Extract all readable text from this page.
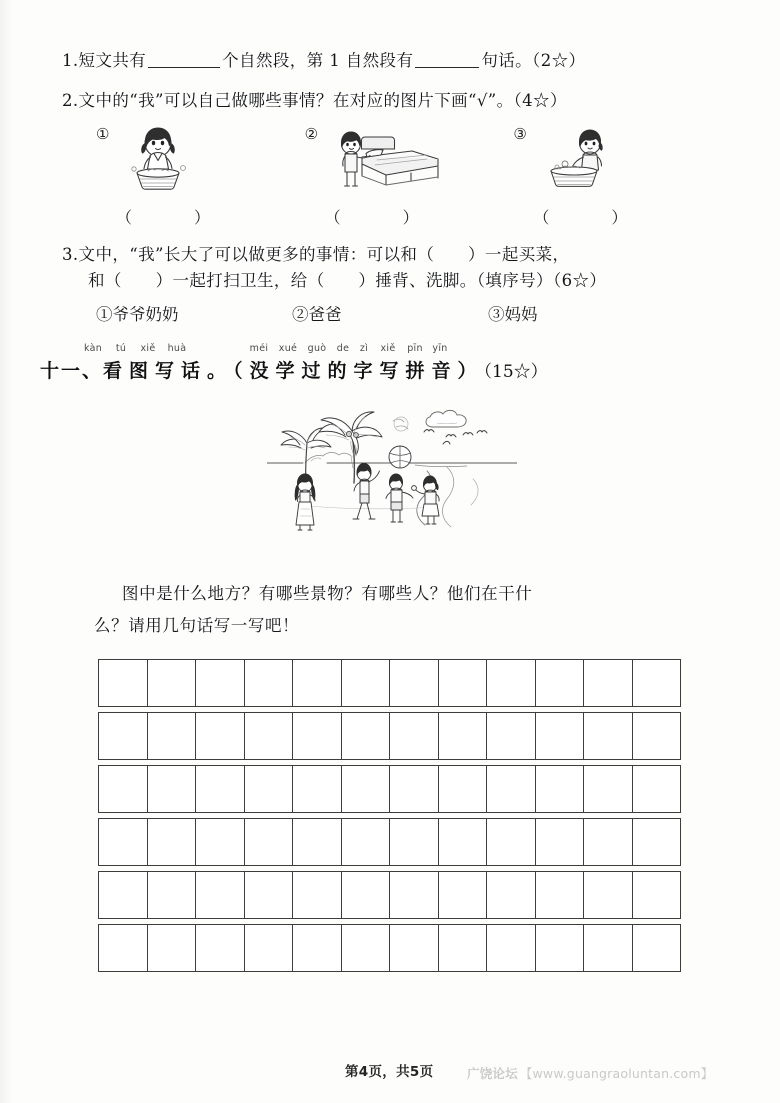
1.短文共有	个自然段，第 1 自然段有	句话。（2☆）
2.文中的“我”可以自己做哪些事情？在对应的图片下画“√”。（4☆）
①
（　　）
②
（　　）
③
（　　）
3.文中，“我”长大了可以做更多的事情：可以和（　　）一起买菜，
和（　　）一起打扫卫生，给（　　）捶背、洗脚。（填序号）（6☆）
①爷爷奶奶	②爸爸	③妈妈
kàn	tú	xiě	huà	méi	xué	guò	de	zì	xiě	pīn	yīn
十一、看图写话。（没学过的字写拼音）（15☆）
图中是什么地方？有哪些景物？有哪些人？他们在干什
么？请用几句话写一写吧！
第4页，共5页	广饶论坛 【www.guangraoluntan.com】
